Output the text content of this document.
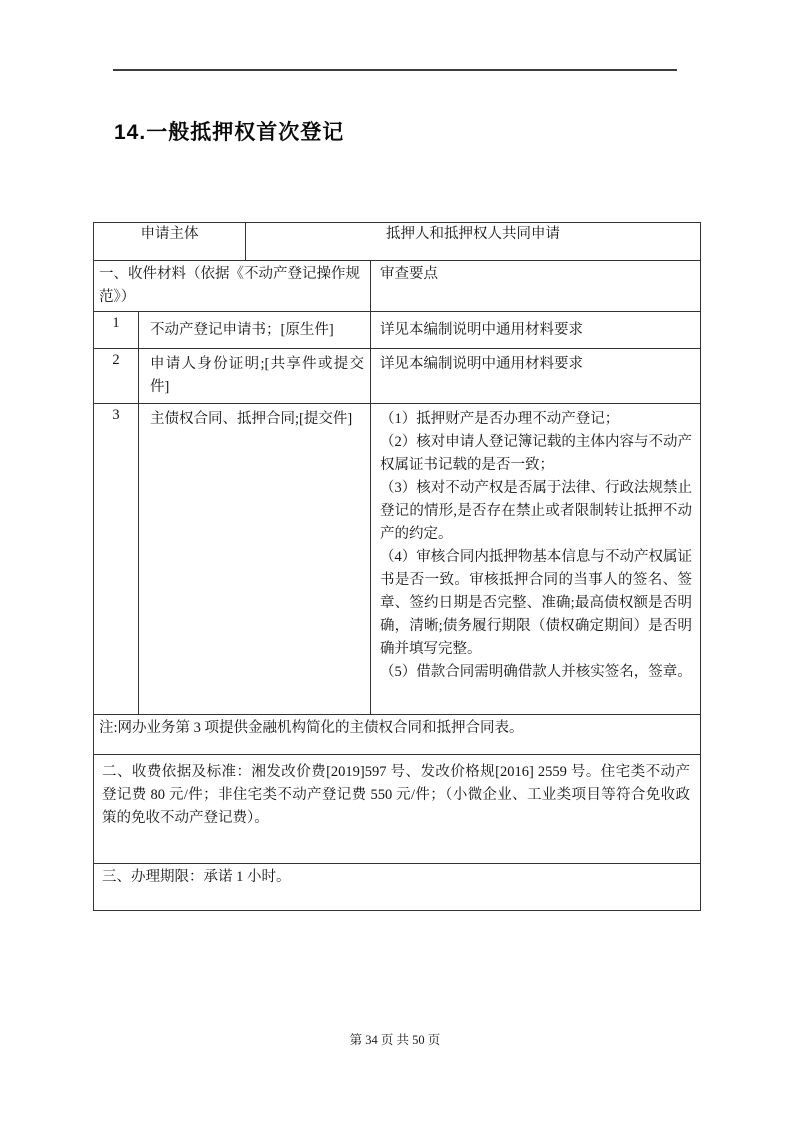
14.一般抵押权首次登记
申请主体		抵押人和抵押权人共同申请	
一、收件材料（依据《不动产登记操作规范》）			审查要点
1	不动产登记申请书；[原生件]		详见本编制说明中通用材料要求
2	申请人身份证明;[共享件或提交件]		详见本编制说明中通用材料要求
3	主债权合同、抵押合同;[提交件]		（1）抵押财产是否办理不动产登记；

（2）核对申请人登记簿记载的主体内容与不动产权属证书记载的是否一致；

（3）核对不动产权是否属于法律、行政法规禁止登记的情形,是否存在禁止或者限制转让抵押不动产的约定。

（4）审核合同内抵押物基本信息与不动产权属证书是否一致。审核抵押合同的当事人的签名、签章、签约日期是否完整、准确;最高债权额是否明确，清晰;债务履行期限（债权确定期间）是否明确并填写完整。

（5）借款合同需明确借款人并核实签名，签章。

注:网办业务第 3 项提供金融机构简化的主债权合同和抵押合同表。			
二、收费依据及标准：湘发改价费[2019]597 号、发改价格规[2016] 2559 号。住宅类不动产登记费 80 元/件；非住宅类不动产登记费 550 元/件；（小微企业、工业类项目等符合免收政策的免收不动产登记费）。			
三、办理期限：承诺 1 小时。			
第 34 页 共 50 页
